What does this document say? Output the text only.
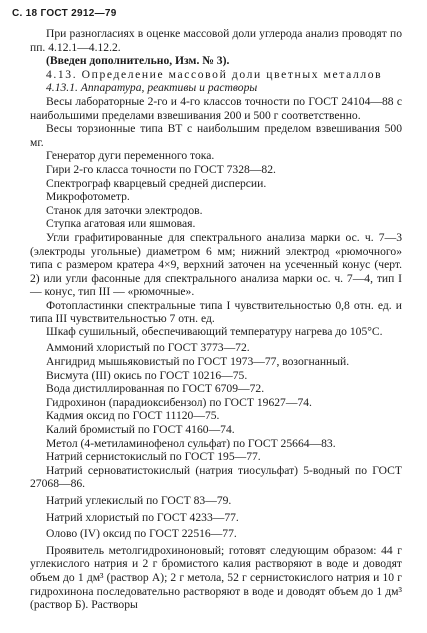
С. 18 ГОСТ 2912—79

При разногласиях в оценке массовой доли углерода анализ проводят по пп. 4.12.1—4.12.2.

(Введен дополнительно, Изм. № 3).

4.13. Определение массовой доли цветных металлов

4.13.1. Аппаратура, реактивы и растворы

Весы лабораторные 2-го и 4-го классов точности по ГОСТ 24104—88 с наибольшими пределами взвешивания 200 и 500 г соответственно.

Весы торзионные типа ВТ с наибольшим пределом взвешивания 500 мг.

Генератор дуги переменного тока.

Гири 2-го класса точности по ГОСТ 7328—82.

Спектрограф кварцевый средней дисперсии.

Микрофотометр.

Станок для заточки электродов.

Ступка агатовая или яшмовая.

Угли графитированные для спектрального анализа марки ос. ч. 7—3 (электроды угольные) диаметром 6 мм; нижний электрод «рюмочного» типа с размером кратера 4×9, верхний заточен на усеченный конус (черт. 2) или угли фасонные для спектрального анализа марки ос. ч. 7—4, тип I — конус, тип III — «рюмочные».

Фотопластинки спектральные типа I чувствительностью 0,8 отн. ед. и типа III чувствительностью 7 отн. ед.

Шкаф сушильный, обеспечивающий температуру нагрева до 105°С.

Аммоний хлористый по ГОСТ 3773—72.

Ангидрид мышьяковистый по ГОСТ 1973—77, возогнанный.

Висмута (III) окись по ГОСТ 10216—75.

Вода дистиллированная по ГОСТ 6709—72.

Гидрохинон (парадиоксибензол) по ГОСТ 19627—74.

Кадмия оксид по ГОСТ 11120—75.

Калий бромистый по ГОСТ 4160—74.

Метол (4-метиламинофенол сульфат) по ГОСТ 25664—83.

Натрий сернистокислый по ГОСТ 195—77.

Натрий серноватистокислый (натрия тиосульфат) 5-водный по ГОСТ 27068—86.

Натрий углекислый по ГОСТ 83—79.

Натрий хлористый по ГОСТ 4233—77.

Олово (IV) оксид по ГОСТ 22516—77.

Проявитель метолгидрохиноновый; готовят следующим образом: 44 г углекислого натрия и 2 г бромистого калия растворяют в воде и доводят объем до 1 дм³ (раствор А); 2 г метола, 52 г сернистокислого натрия и 10 г гидрохинона последовательно растворяют в воде и доводят объем до 1 дм³ (раствор Б). Растворы
